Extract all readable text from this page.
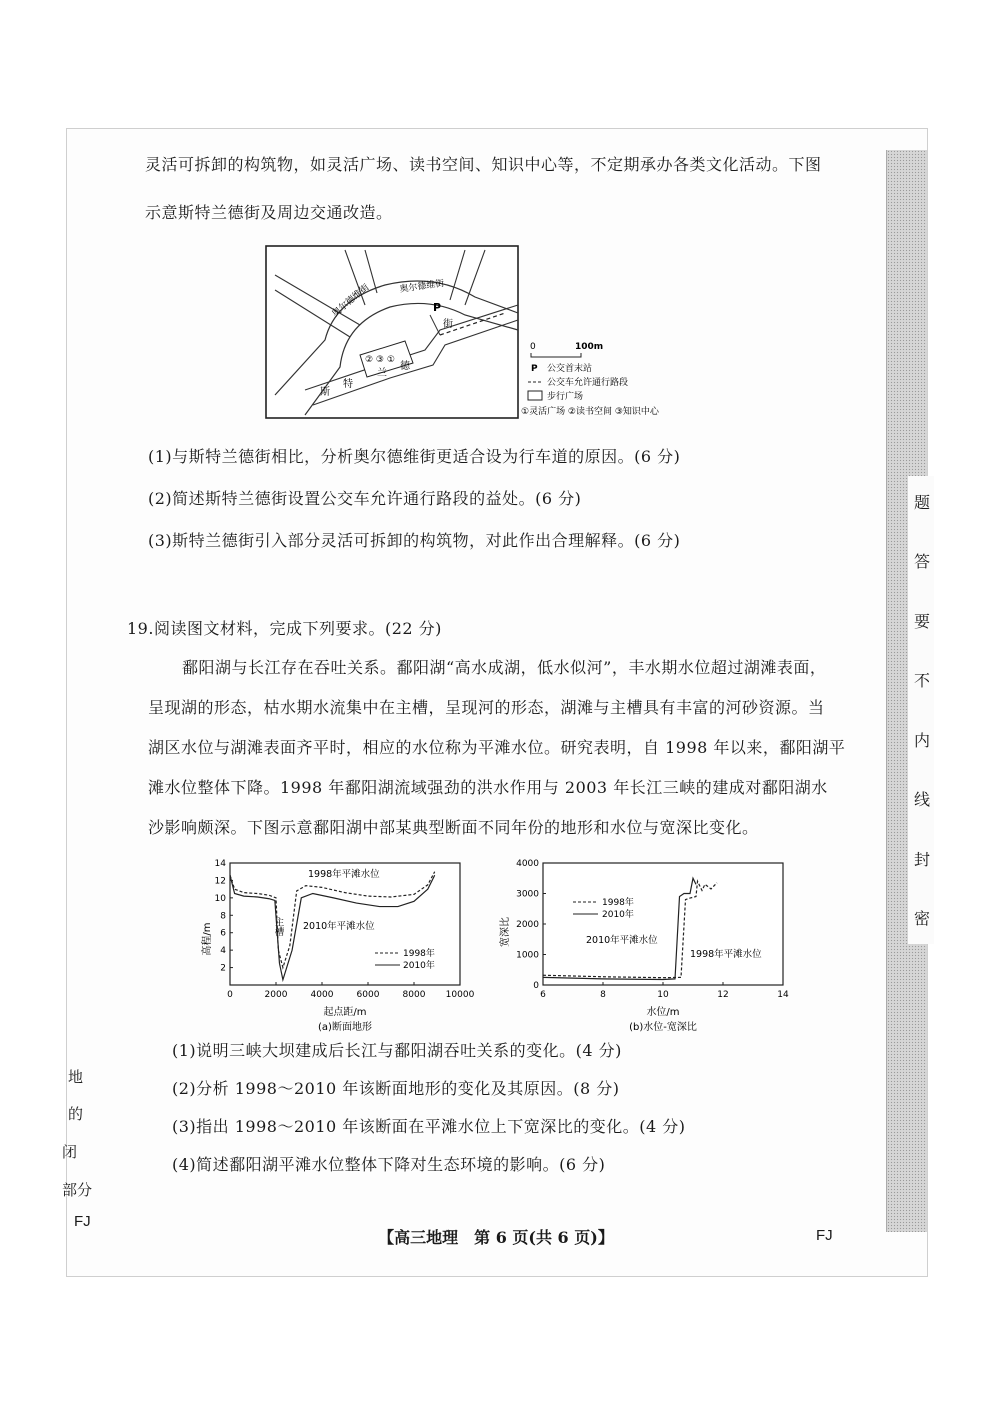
题
答
要
不
内
线
封
密
灵活可拆卸的构筑物，如灵活广场、读书空间、知识中心等，不定期承办各类文化活动。下图
示意斯特兰德街及周边交通改造。
② ③ ①
奥尔德维街
奥尔德维街	P
斯
特
兰
德
街
0	100m
P 公交首末站
公交车允许通行路段
步行广场
①灵活广场 ②读书空间 ③知识中心
(1)与斯特兰德街相比，分析奥尔德维街更适合设为行车道的原因。(6 分)
(2)简述斯特兰德街设置公交车允许通行路段的益处。(6 分)
(3)斯特兰德街引入部分灵活可拆卸的构筑物，对此作出合理解释。(6 分)
19.阅读图文材料，完成下列要求。(22 分)
鄱阳湖与长江存在吞吐关系。鄱阳湖“高水成湖，低水似河”，丰水期水位超过湖滩表面，
呈现湖的形态，枯水期水流集中在主槽，呈现河的形态，湖滩与主槽具有丰富的河砂资源。当
湖区水位与湖滩表面齐平时，相应的水位称为平滩水位。研究表明，自 1998 年以来，鄱阳湖平
滩水位整体下降。1998 年鄱阳湖流域强劲的洪水作用与 2003 年长江三峡的建成对鄱阳湖水
沙影响颇深。下图示意鄱阳湖中部某典型断面不同年份的地形和水位与宽深比变化。
0	2000	4000	6000	8000 10000
2
4
6
8
10
12
14
高程/m
起点距/m
(a)断面地形
1998年平滩水位
2010年平滩水位
主槽
1998年
2010年
6	8	10	12	14
0
1000
2000
3000
4000
宽深比
水位/m
(b)水位-宽深比
1998年
2010年
2010年平滩水位
1998年平滩水位
(1)说明三峡大坝建成后长江与鄱阳湖吞吐关系的变化。(4 分)
(2)分析 1998～2010 年该断面地形的变化及其原因。(8 分)
(3)指出 1998～2010 年该断面在平滩水位上下宽深比的变化。(4 分)
(4)简述鄱阳湖平滩水位整体下降对生态环境的影响。(6 分)
地
的
闭
部分
FJ
【高三地理　第 6 页(共 6 页)】	FJ
